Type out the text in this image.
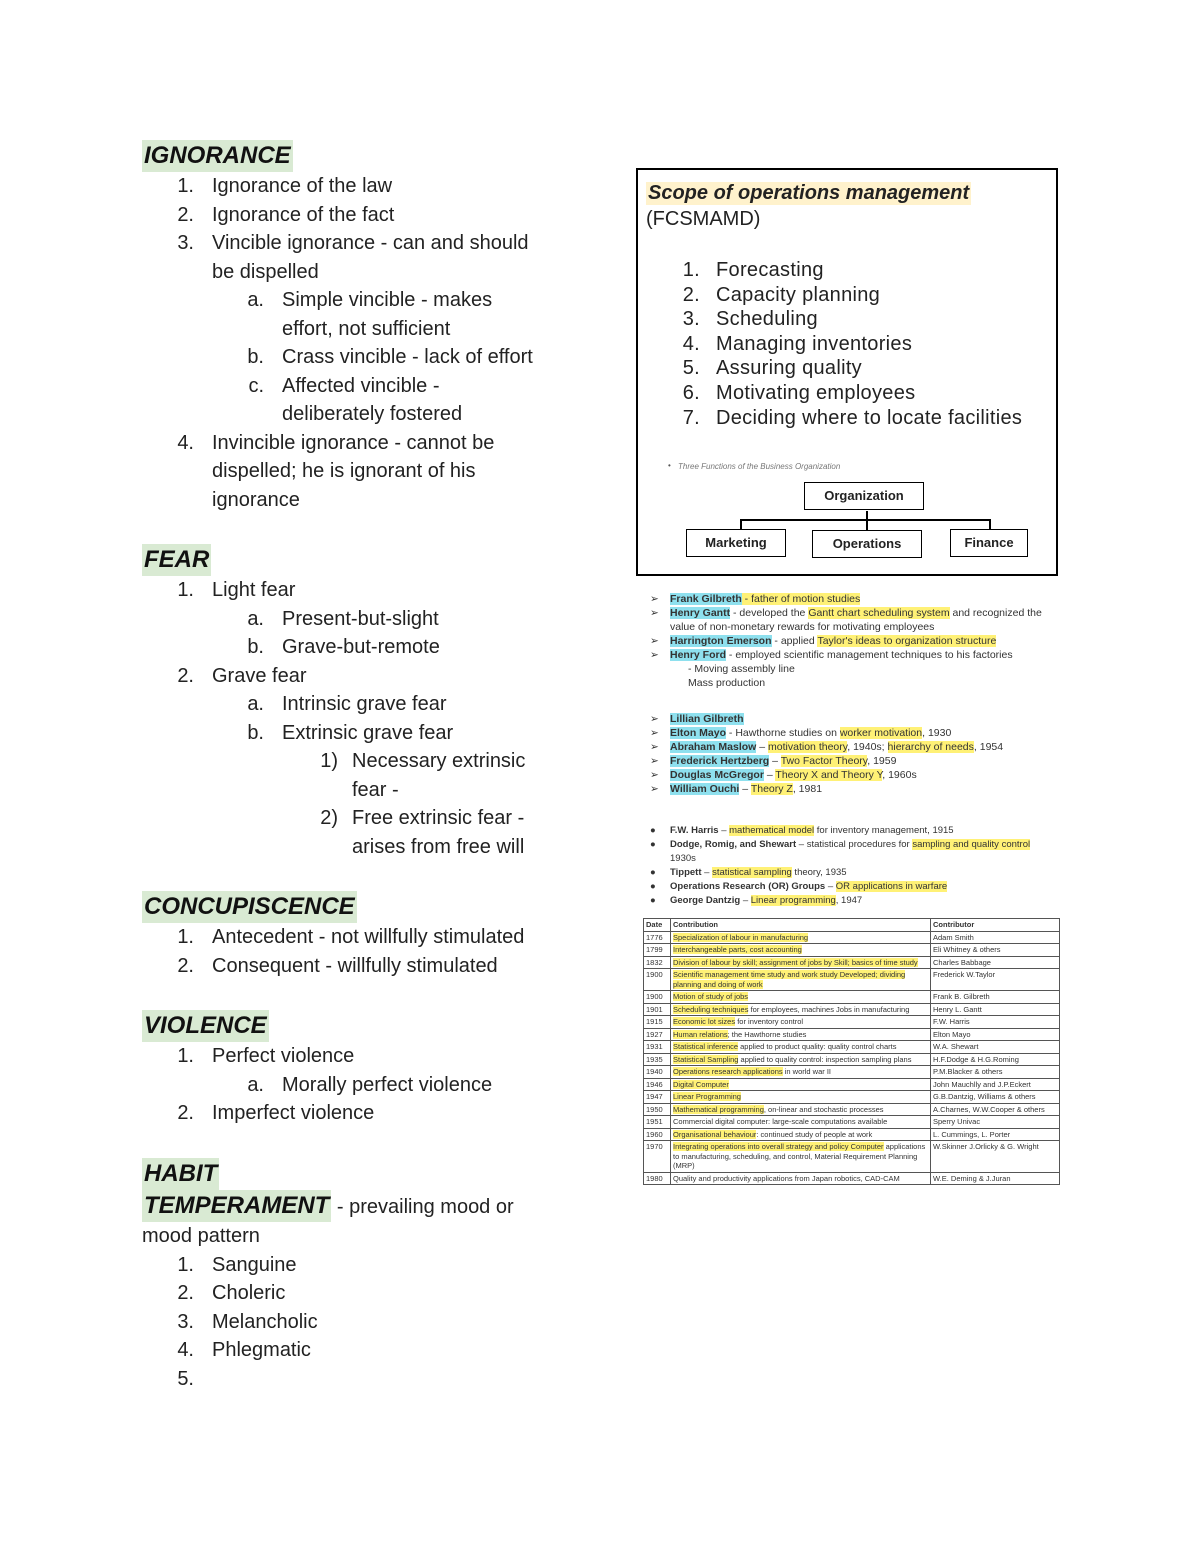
IGNORANCE
1. Ignorance of the law
2. Ignorance of the fact
3. Vincible ignorance - can and should
be dispelled
a. Simple vincible - makes
effort, not sufficient
b. Crass vincible - lack of effort
c. Affected vincible -
deliberately fostered
4. Invincible ignorance - cannot be
dispelled; he is ignorant of his
ignorance
FEAR
1. Light fear
a. Present-but-slight
b. Grave-but-remote
2. Grave fear
a. Intrinsic grave fear
b. Extrinsic grave fear
1) Necessary extrinsic
fear -
2) Free extrinsic fear -
arises from free will
CONCUPISCENCE
1. Antecedent - not willfully stimulated
2. Consequent - willfully stimulated
VIOLENCE
1. Perfect violence
a. Morally perfect violence
2. Imperfect violence
HABIT
TEMPERAMENT - prevailing mood or
mood pattern
1. Sanguine
2. Choleric
3. Melancholic
4. Phlegmatic
5.
Scope of operations management
(FCSMAMD)
1. Forecasting
2. Capacity planning
3. Scheduling
4. Managing inventories
5. Assuring quality
6. Motivating employees
7. Deciding where to locate facilities
• Three Functions of the Business Organization
Organization
Marketing	Operations	Finance
➢ Frank Gilbreth - father of motion studies
➢ Henry Gantt - developed the Gantt chart scheduling system and recognized the
value of non-monetary rewards for motivating employees
➢ Harrington Emerson - applied Taylor's ideas to organization structure
➢ Henry Ford - employed scientific management techniques to his factories
- Moving assembly line
Mass production
➢ Lillian Gilbreth
➢ Elton Mayo - Hawthorne studies on worker motivation, 1930
➢ Abraham Maslow – motivation theory, 1940s; hierarchy of needs, 1954
➢ Frederick Hertzberg – Two Factor Theory, 1959
➢ Douglas McGregor – Theory X and Theory Y, 1960s
➢ William Ouchi – Theory Z, 1981
● F.W. Harris – mathematical model for inventory management, 1915
● Dodge, Romig, and Shewart – statistical procedures for sampling and quality control
1930s
● Tippett – statistical sampling theory, 1935
● Operations Research (OR) Groups – OR applications in warfare
● George Dantzig – Linear programming, 1947
Date	Contribution	Contributor
1776	Specialization of labour in manufacturing	Adam Smith
1799	Interchangeable parts, cost accounting	Eli Whitney & others
1832	Division of labour by skill; assignment of jobs by Skill; basics of time study	Charles Babbage
1900	Scientific management time study and work study Developed; dividing planning and doing of work	Frederick W.Taylor
1900	Motion of study of jobs	Frank B. Gilbreth
1901	Scheduling techniques for employees, machines Jobs in manufacturing	Henry L. Gantt
1915	Economic lot sizes for inventory control	F.W. Harris
1927	Human relations; the Hawthorne studies	Elton Mayo
1931	Statistical inference applied to product quality: quality control charts	W.A. Shewart
1935	Statistical Sampling applied to quality control: inspection sampling plans	H.F.Dodge & H.G.Roming
1940	Operations research applications in world war II	P.M.Blacker & others
1946	Digital Computer	John Mauchlly and J.P.Eckert
1947	Linear Programming	G.B.Dantzig, Williams & others
1950	Mathematical programming, on-linear and stochastic processes	A.Charnes, W.W.Cooper & others
1951	Commercial digital computer: large-scale computations available	Sperry Univac
1960	Organisational behaviour: continued study of people at work	L. Cummings, L. Porter
1970	Integrating operations into overall strategy and policy Computer applications to manufacturing, scheduling, and control, Material Requirement Planning (MRP)	W.Skinner J.Orlicky & G. Wright
1980	Quality and productivity applications from Japan robotics, CAD-CAM	W.E. Deming & J.Juran
